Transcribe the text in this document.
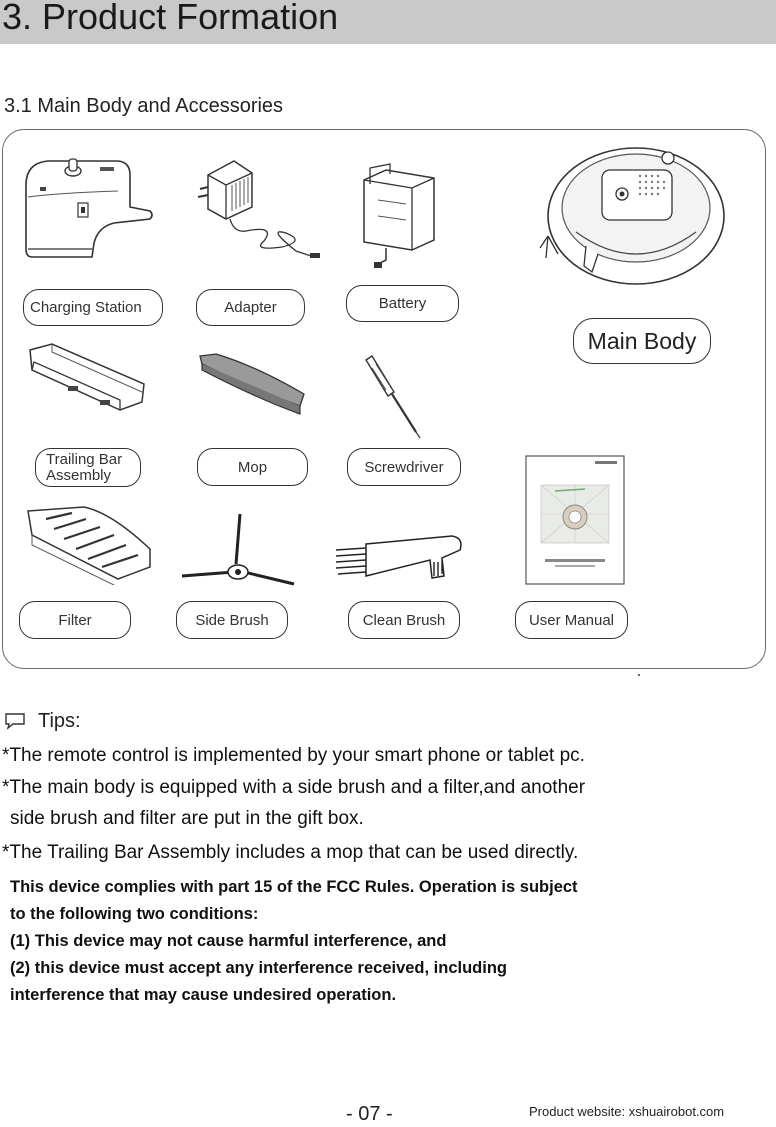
3. Product Formation
3.1 Main Body and Accessories
Charging Station	Adapter	Battery
Main Body
Trailing Bar
Assembly	Mop	Screwdriver
Filter	Side Brush	Clean Brush	User Manual
Tips:
*The remote control is implemented by your smart phone or tablet pc.
*The main body is equipped with a side brush and a filter,and another
side brush and filter are put in the gift box.
*The Trailing Bar Assembly includes a mop that can be used directly.
This device complies with part 15 of the FCC Rules. Operation is subject
to the following two conditions:
(1) This device may not cause harmful interference, and
(2) this device must accept any interference received, including
interference that may cause undesired operation.
- 07 -	Product website: xshuairobot.com
